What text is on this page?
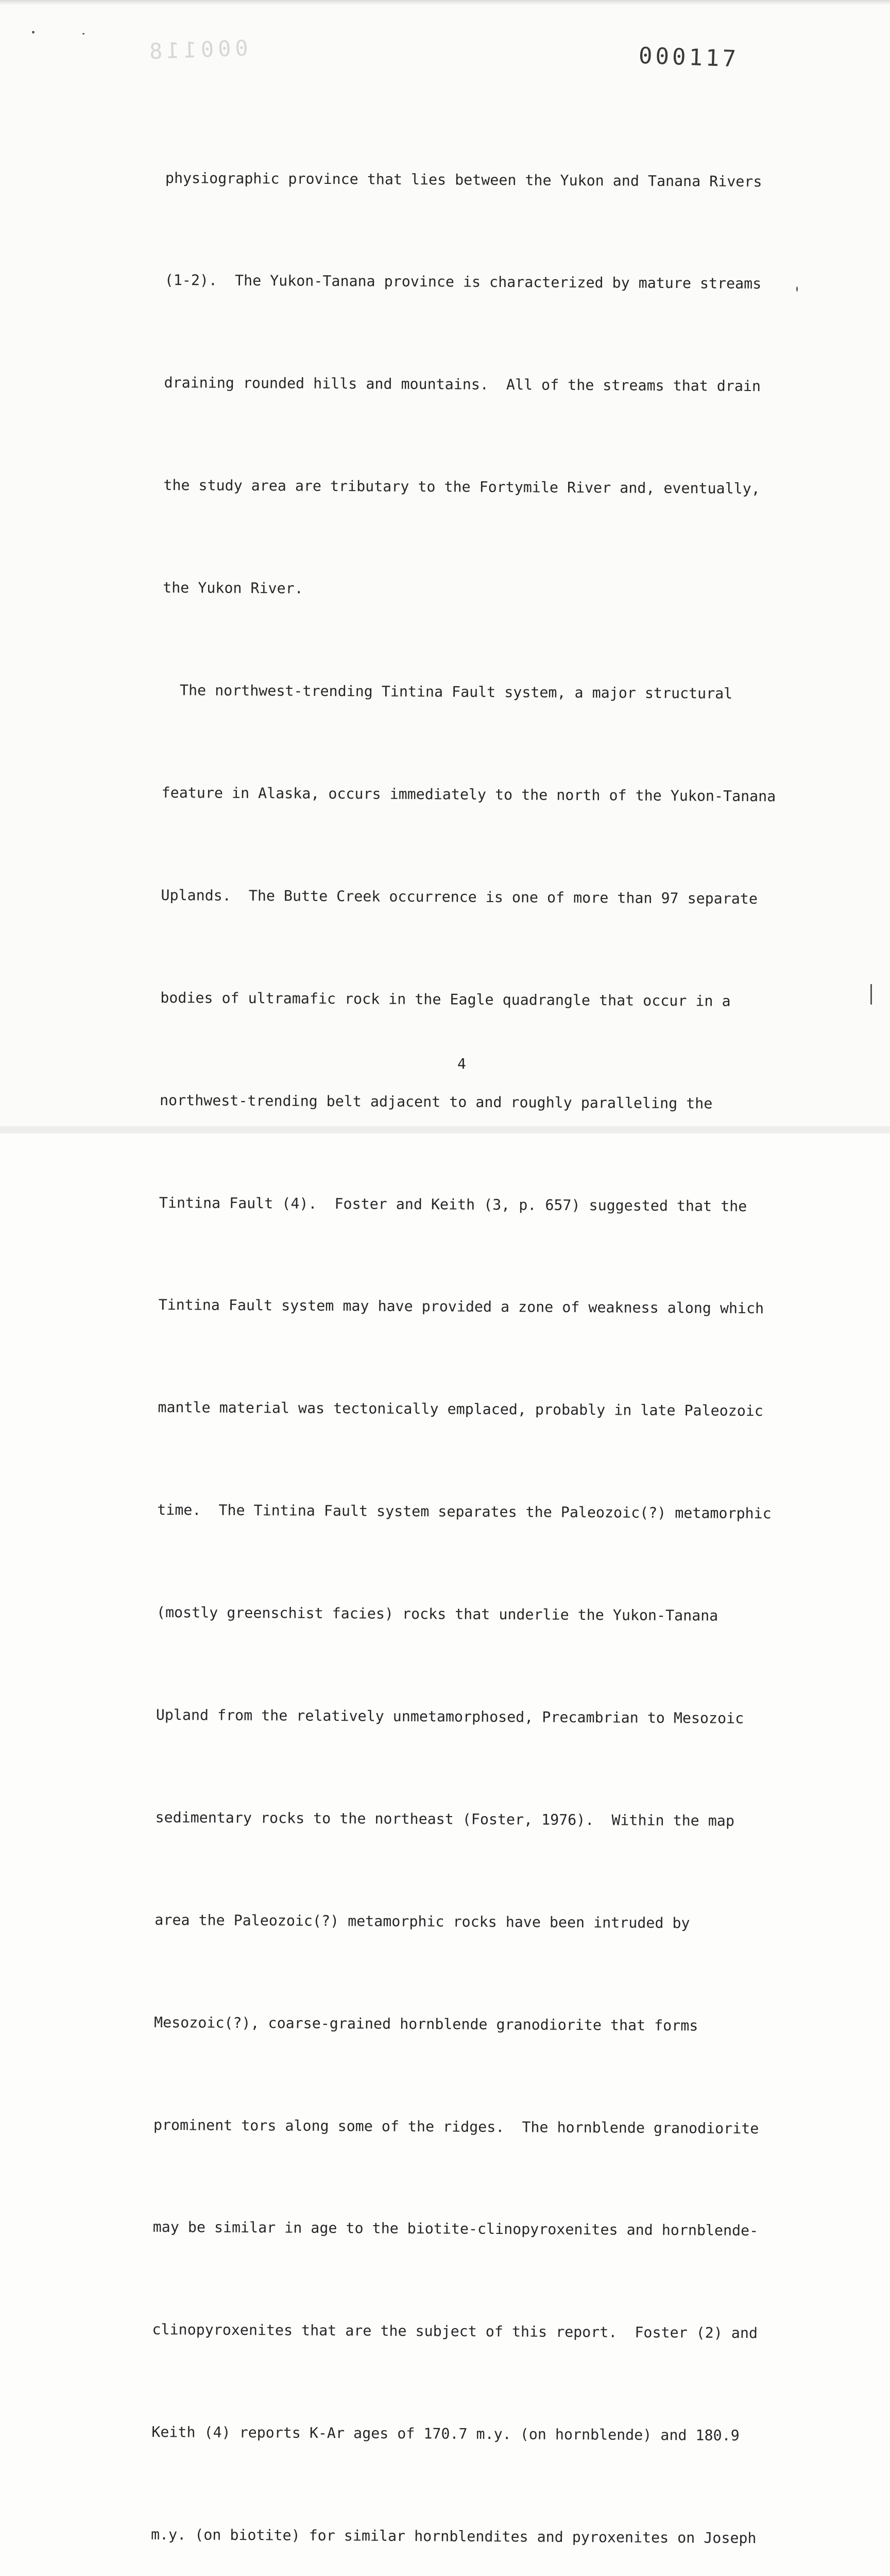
000118	000117

physiographic province that lies between the Yukon and Tanana Rivers

(1-2).  The Yukon-Tanana province is characterized by mature streams

draining rounded hills and mountains.  All of the streams that drain

the study area are tributary to the Fortymile River and, eventually,

the Yukon River.

The northwest-trending Tintina Fault system, a major structural

feature in Alaska, occurs immediately to the north of the Yukon-Tanana

Uplands.  The Butte Creek occurrence is one of more than 97 separate

bodies of ultramafic rock in the Eagle quadrangle that occur in a

northwest-trending belt adjacent to and roughly paralleling the

Tintina Fault (4).  Foster and Keith (3, p. 657) suggested that the

Tintina Fault system may have provided a zone of weakness along which

mantle material was tectonically emplaced, probably in late Paleozoic

time.  The Tintina Fault system separates the Paleozoic(?) metamorphic

(mostly greenschist facies) rocks that underlie the Yukon-Tanana

Upland from the relatively unmetamorphosed, Precambrian to Mesozoic

sedimentary rocks to the northeast (Foster, 1976).  Within the map

area the Paleozoic(?) metamorphic rocks have been intruded by

Mesozoic(?), coarse-grained hornblende granodiorite that forms

prominent tors along some of the ridges.  The hornblende granodiorite

may be similar in age to the biotite-clinopyroxenites and hornblende-

clinopyroxenites that are the subject of this report.  Foster (2) and

Keith (4) reports K-Ar ages of 170.7 m.y. (on hornblende) and 180.9

m.y. (on biotite) for similar hornblendites and pyroxenites on Joseph

4
